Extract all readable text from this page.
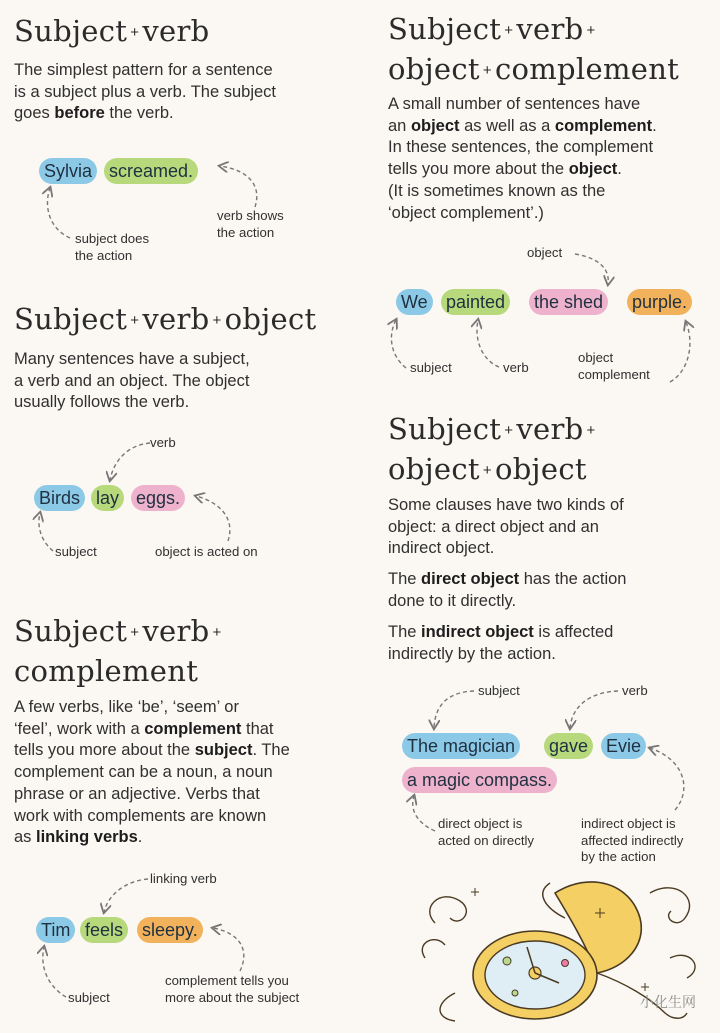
Subject + verb

The simplest pattern for a sentence
is a subject plus a verb. The subject
goes before the verb.

Sylvia screamed.
subject does
the action
verb shows
the action
Subject + verb + object

Many sentences have a subject,
a verb and an object. The object
usually follows the verb.

Birds lay eggs.
verb
subject	object is acted on
Subject + verb +
complement

A few verbs, like ‘be’, ‘seem’ or
‘feel’, work with a complement that
tells you more about the subject. The
complement can be a noun, a noun
phrase or an adjective. Verbs that
work with complements are known
as linking verbs.

Tim feels sleepy.
linking verb
subject
complement tells you
more about the subject
Subject + verb +
object + complement

A small number of sentences have
an object as well as a complement.
In these sentences, the complement
tells you more about the object.
(It is sometimes known as the
‘object complement’.)

We painted the shed purple.
object
subject	verb
object
complement
Subject + verb +
object + object

Some clauses have two kinds of
object: a direct object and an
indirect object.

The direct object has the action
done to it directly.

The indirect object is affected
indirectly by the action.

The magician gave Evie
a magic compass.
subject	verb
direct object is
acted on directly
indirect object is
affected indirectly
by the action
小化生网
